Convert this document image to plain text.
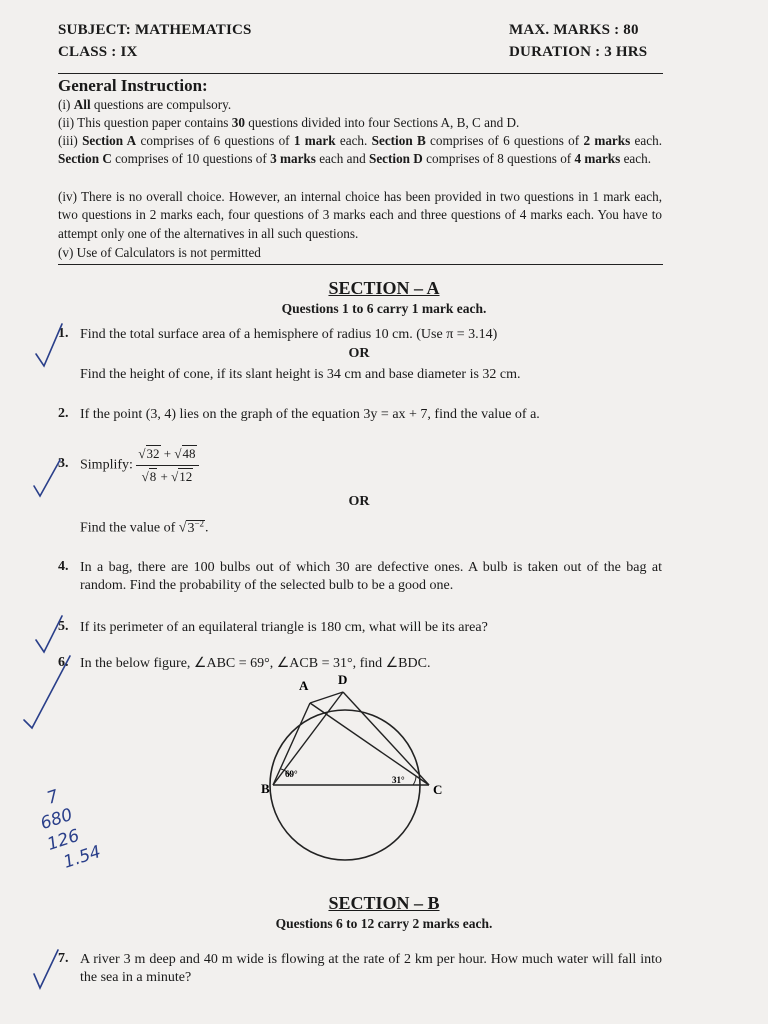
SUBJECT: MATHEMATICS
CLASS : IX
MAX. MARKS : 80
DURATION : 3 HRS
General Instruction:
(i) All questions are compulsory.
(ii) This question paper contains 30 questions divided into four Sections A, B, C and D.
(iii) Section A comprises of 6 questions of 1 mark each. Section B comprises of 6 questions of 2 marks each. Section C comprises of 10 questions of 3 marks each and Section D comprises of 8 questions of 4 marks each.
(iv) There is no overall choice. However, an internal choice has been provided in two questions in 1 mark each, two questions in 2 marks each, four questions of 3 marks each and three questions of 4 marks each. You have to attempt only one of the alternatives in all such questions.
(v) Use of Calculators is not permitted
SECTION – A
Questions 1 to 6 carry 1 mark each.
1. Find the total surface area of a hemisphere of radius 10 cm. (Use π = 3.14)
OR
Find the height of cone, if its slant height is 34 cm and base diameter is 32 cm.
2. If the point (3, 4) lies on the graph of the equation 3y = ax + 7, find the value of a.
3. Simplify: $\frac{√32 + √48}{√8 + √12}$
OR
Find the value of $√3^{-2}$.
4. In a bag, there are 100 bulbs out of which 30 are defective ones. A bulb is taken out of the bag at random. Find the probability of the selected bulb to be a good one.
5. If its perimeter of an equilateral triangle is 180 cm, what will be its area?
6. In the below figure, ∠ABC = 69°, ∠ACB = 31°, find ∠BDC.
A D
B	C
69°
31°
SECTION – B
Questions 6 to 12 carry 2 marks each.
7. A river 3 m deep and 40 m wide is flowing at the rate of 2 km per hour. How much water will fall into the sea in a minute?
7
680
126
1.54
